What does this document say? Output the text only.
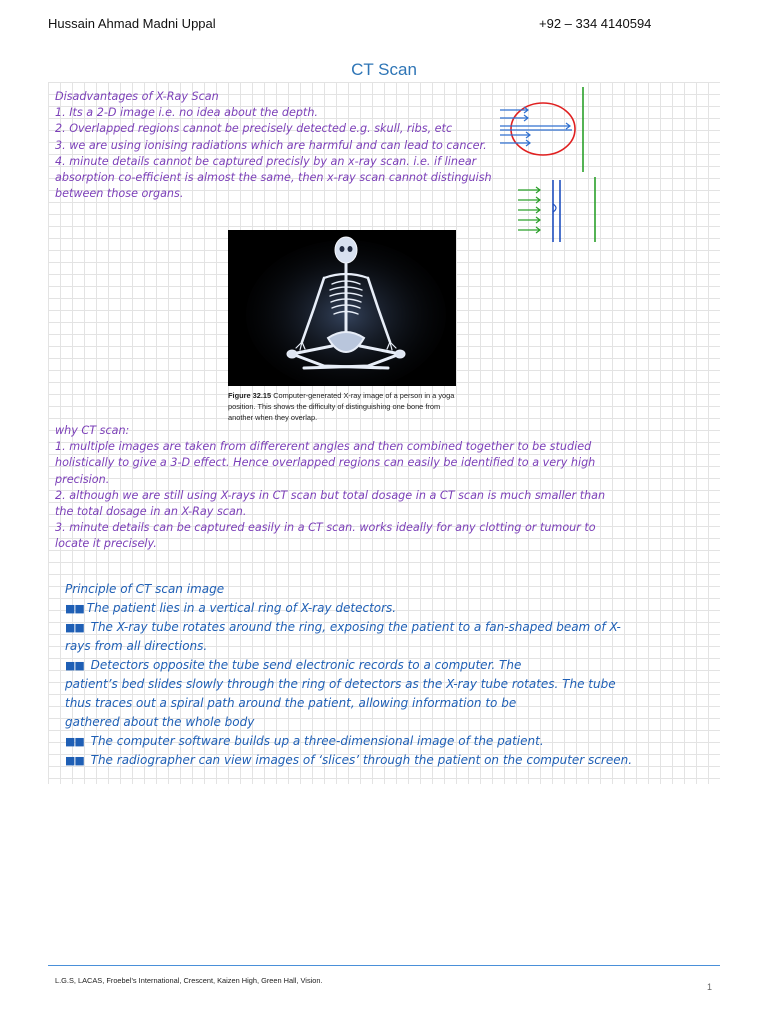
Hussain Ahmad Madni Uppal	+92 – 334 4140594
CT Scan
Disadvantages of X-Ray Scan
1. Its a 2-D image i.e. no idea about the depth.
2. Overlapped regions cannot be precisely detected e.g. skull, ribs, etc
3. we are using ionising radiations which are harmful and can lead to cancer.
4. minute details cannot be captured precisly by an x-ray scan. i.e. if linear
absorption co-efficient is almost the same, then x-ray scan cannot distinguish
between those organs.
Figure 32.15 Computer-generated X-ray image of a person in a yoga position. This shows the difficulty of distinguishing one bone from another when they overlap.
why CT scan:
1. multiple images are taken from differerent angles and then combined together to be studied
holistically to give a 3-D effect. Hence overlapped regions can easily be identified to a very high
precision.
2. although we are still using X-rays in CT scan but total dosage in a CT scan is much smaller than
the total dosage in an X-Ray scan.
3. minute details can be captured easily in a CT scan. works ideally for any clotting or tumour to
locate it precisely.
Principle of CT scan image
■■ The patient lies in a vertical ring of X-ray detectors.
■■ The X-ray tube rotates around the ring, exposing the patient to a fan-shaped beam of X-
rays from all directions.
■■ Detectors opposite the tube send electronic records to a computer. The
patient’s bed slides slowly through the ring of detectors as the X-ray tube rotates. The tube
thus traces out a spiral path around the patient, allowing information to be
gathered about the whole body
■■ The computer software builds up a three-dimensional image of the patient.
■■ The radiographer can view images of ‘slices’ through the patient on the computer screen.
L.G.S, LACAS, Froebel’s International, Crescent, Kaizen High, Green Hall, Vision.
1
